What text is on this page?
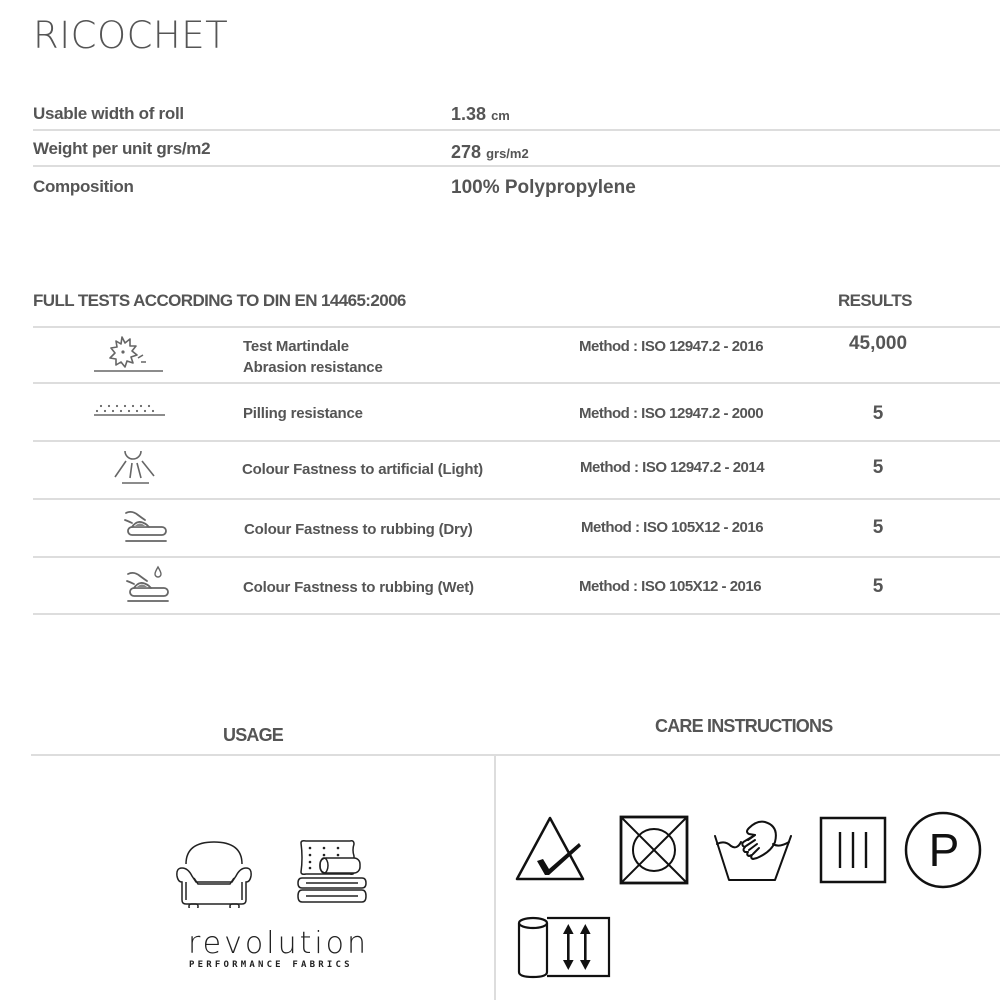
RICOCHET
Usable width of roll	1.38 cm
Weight per unit grs/m2	278 grs/m2
Composition	100% Polypropylene
FULL TESTS ACCORDING TO DIN EN 14465:2006	RESULTS
Test Martindale
Abrasion resistance
Method : ISO 12947.2 - 2016	45,000
Pilling resistance	Method : ISO 12947.2 - 2000	5
Colour Fastness to artificial (Light)	Method : ISO 12947.2 - 2014	5
Colour Fastness to rubbing (Dry)	Method : ISO 105X12 - 2016	5
Colour Fastness to rubbing (Wet)	Method : ISO 105X12 - 2016	5
USAGE	CARE INSTRUCTIONS
revolution
PERFORMANCE FABRICS
P
